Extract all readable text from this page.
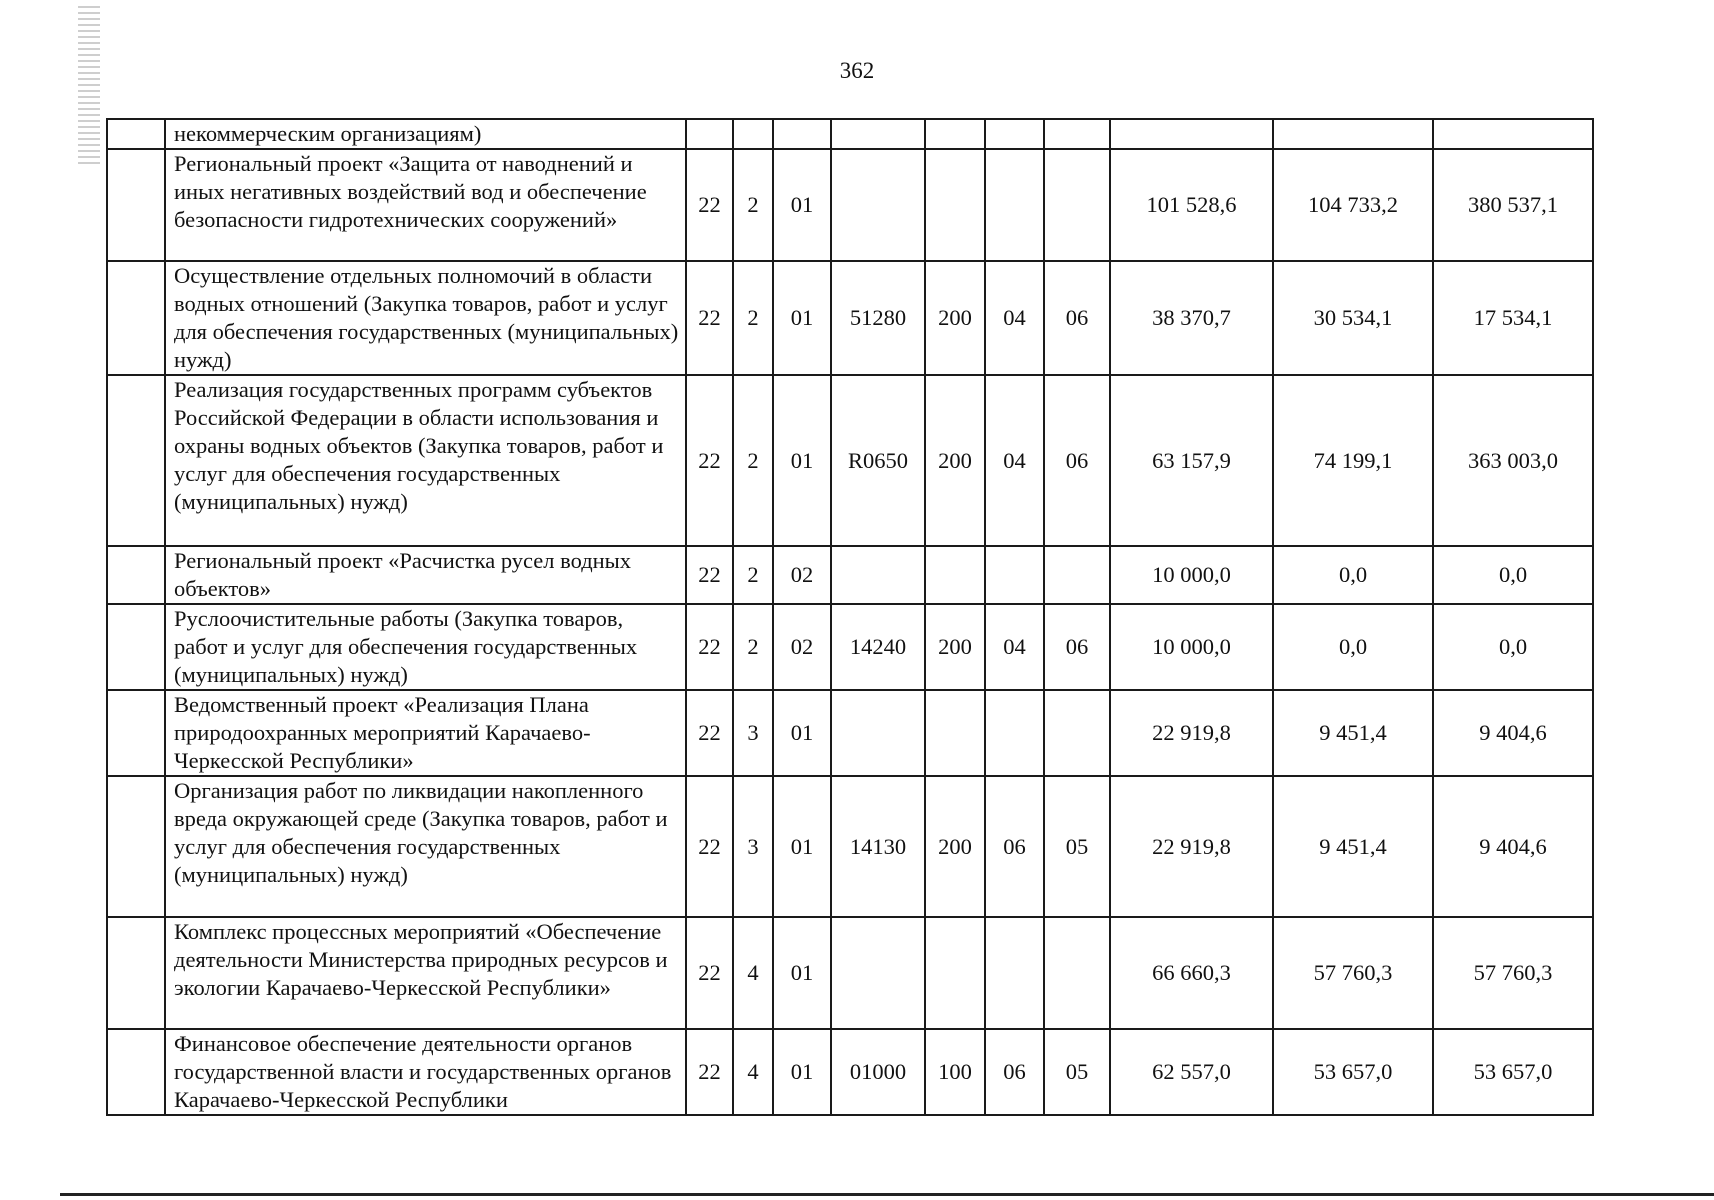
362
	некоммерческим организациям)										
	Региональный проект «Защита от наводнений и иных негативных воздействий вод и обеспечение безопасности гидротехнических сооружений»	22	2	01					101 528,6	104 733,2	380 537,1
	Осуществление отдельных полномочий в области водных отношений (Закупка товаров, работ и услуг для обеспечения государственных (муниципальных) нужд)	22	2	01	51280	200	04	06	38 370,7	30 534,1	17 534,1
	Реализация государственных программ субъектов Российской Федерации в области использования и охраны водных объектов (Закупка товаров, работ и услуг для обеспечения государственных (муниципальных) нужд)	22	2	01	R0650	200	04	06	63 157,9	74 199,1	363 003,0
	Региональный проект «Расчистка русел водных объектов»	22	2	02					10 000,0	0,0	0,0
	Руслоочистительные работы (Закупка товаров, работ и услуг для обеспечения государственных (муниципальных) нужд)	22	2	02	14240	200	04	06	10 000,0	0,0	0,0
	Ведомственный проект «Реализация Плана природоохранных мероприятий Карачаево-Черкесской Республики»	22	3	01					22 919,8	9 451,4	9 404,6
	Организация работ по ликвидации накопленного вреда окружающей среде (Закупка товаров, работ и услуг для обеспечения государственных (муниципальных) нужд)	22	3	01	14130	200	06	05	22 919,8	9 451,4	9 404,6
	Комплекс процессных мероприятий «Обеспечение деятельности Министерства природных ресурсов и экологии Карачаево-Черкесской Республики»	22	4	01					66 660,3	57 760,3	57 760,3
	Финансовое обеспечение деятельности органов государственной власти и государственных органов Карачаево-Черкесской Республики	22	4	01	01000	100	06	05	62 557,0	53 657,0	53 657,0
